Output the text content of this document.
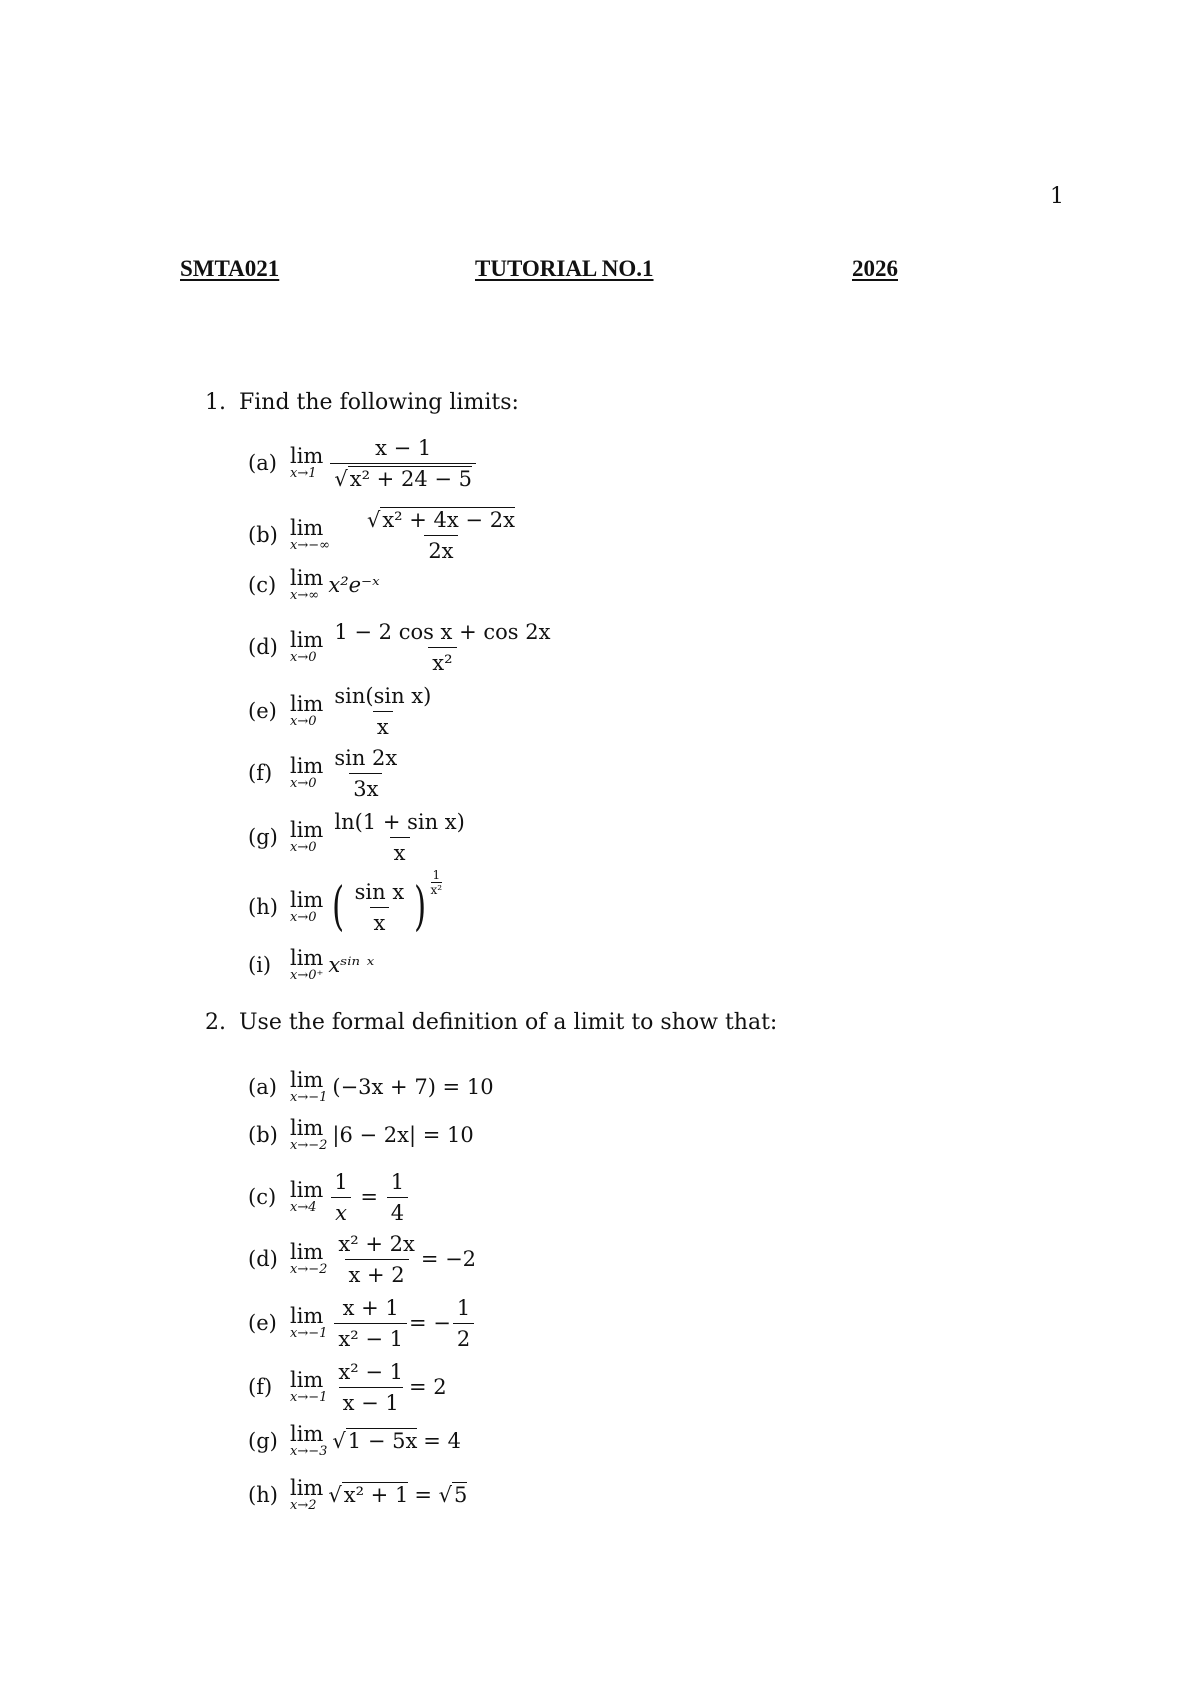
1
SMTA021	TUTORIAL NO.1	2026
1. Find the following limits:
(a) lim
$x\to 1 \frac{x - 1}{\text{√x² + 24 − 5}}$
(b) lim
$x\to-\infty \frac{\text{√x² + 4x − 2x}}{2x}$
(c) lim
x→∞ x²e⁻ˣ
(d) lim
$x\to 0 \frac{\text{1 − 2 cos x + cos 2x}}{\text{x²}}$
(e) lim
$x\to 0 \frac{\text{sin(sin x)}}{x}$
(f) lim
$x\to 0 \frac{\sin 2x}{3x}$
(g) lim
$x\to 0 \frac{\text{ln(1 + sin x)}}{x}$
(h) lim
x→0 ( $\frac{\text{sin x}}{x}$ ) $\frac{1}{\text{x²}}$
(i) lim
x→0⁺ xˢⁱⁿ ˣ
2. Use the formal definition of a limit to show that:
(a) lim
x→−1 (−3x + 7) = 10
(b) lim
x→−2 |6 − 2x| = 10
(c) lim
$x\to 4 \frac{1}{x} = \frac{1}{4}$
(d) lim
$x\to-2 \frac{\text{x² + 2x}}{x + 2} = -2$
(e) lim
$x\to-1 \frac{x + 1}{\text{x² − 1}}$ = − $\frac{1}{2}$
(f) lim
$x\to-1 \frac{\text{x² − 1}}{x - 1} = 2$
(g) lim
x→−3 √1 − 5x = 4
(h) lim
x→2 √x² + 1 = √5
